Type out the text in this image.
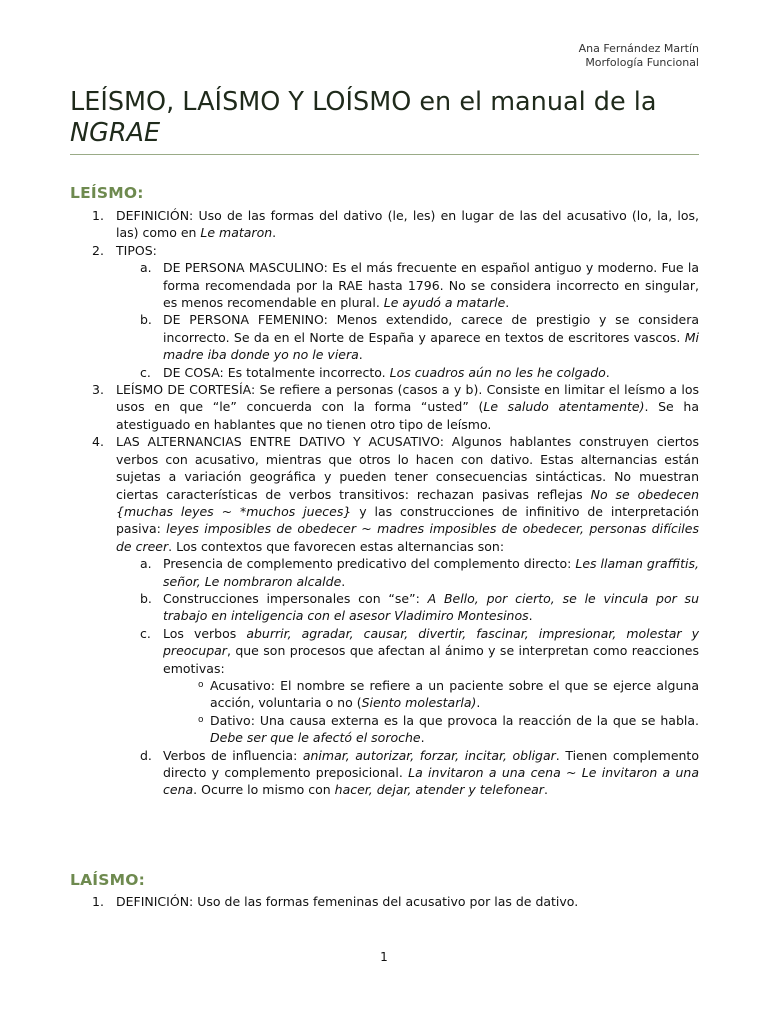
Ana Fernández Martín
Morfología Funcional
LEÍSMO, LAÍSMO Y LOÍSMO en el manual de la NGRAE
LEÍSMO:

1. DEFINICIÓN: Uso de las formas del dativo (le, les) en lugar de las del acusativo (lo, la, los, las) como en Le mataron.

2. TIPOS:

a. DE PERSONA MASCULINO: Es el más frecuente en español antiguo y moderno. Fue la forma recomendada por la RAE hasta 1796. No se considera incorrecto en singular, es menos recomendable en plural. Le ayudó a matarle.

b. DE PERSONA FEMENINO: Menos extendido, carece de prestigio y se considera incorrecto. Se da en el Norte de España y aparece en textos de escritores vascos. Mi madre iba donde yo no le viera.

c. DE COSA: Es totalmente incorrecto. Los cuadros aún no les he colgado.

3. LEÍSMO DE CORTESÍA: Se refiere a personas (casos a y b). Consiste en limitar el leísmo a los usos en que “le” concuerda con la forma “usted” (Le saludo atentamente). Se ha atestiguado en hablantes que no tienen otro tipo de leísmo.

4. LAS ALTERNANCIAS ENTRE DATIVO Y ACUSATIVO: Algunos hablantes construyen ciertos verbos con acusativo, mientras que otros lo hacen con dativo. Estas alternancias están sujetas a variación geográfica y pueden tener consecuencias sintácticas. No muestran ciertas características de verbos transitivos: rechazan pasivas reflejas No se obedecen {muchas leyes ~ *muchos jueces} y las construcciones de infinitivo de interpretación pasiva: leyes imposibles de obedecer ~ madres imposibles de obedecer, personas difíciles de creer. Los contextos que favorecen estas alternancias son:

a. Presencia de complemento predicativo del complemento directo: Les llaman graffitis, señor, Le nombraron alcalde.

b. Construcciones impersonales con “se”: A Bello, por cierto, se le vincula por su trabajo en inteligencia con el asesor Vladimiro Montesinos.

c. Los verbos aburrir, agradar, causar, divertir, fascinar, impresionar, molestar y preocupar, que son procesos que afectan al ánimo y se interpretan como reacciones emotivas:

o Acusativo: El nombre se refiere a un paciente sobre el que se ejerce alguna acción, voluntaria o no (Siento molestarla).

o Dativo: Una causa externa es la que provoca la reacción de la que se habla. Debe ser que le afectó el soroche.

d. Verbos de influencia: animar, autorizar, forzar, incitar, obligar. Tienen complemento directo y complemento preposicional. La invitaron a una cena ~ Le invitaron a una cena. Ocurre lo mismo con hacer, dejar, atender y telefonear.

LAÍSMO:

1. DEFINICIÓN: Uso de las formas femeninas del acusativo por las de dativo.

1
